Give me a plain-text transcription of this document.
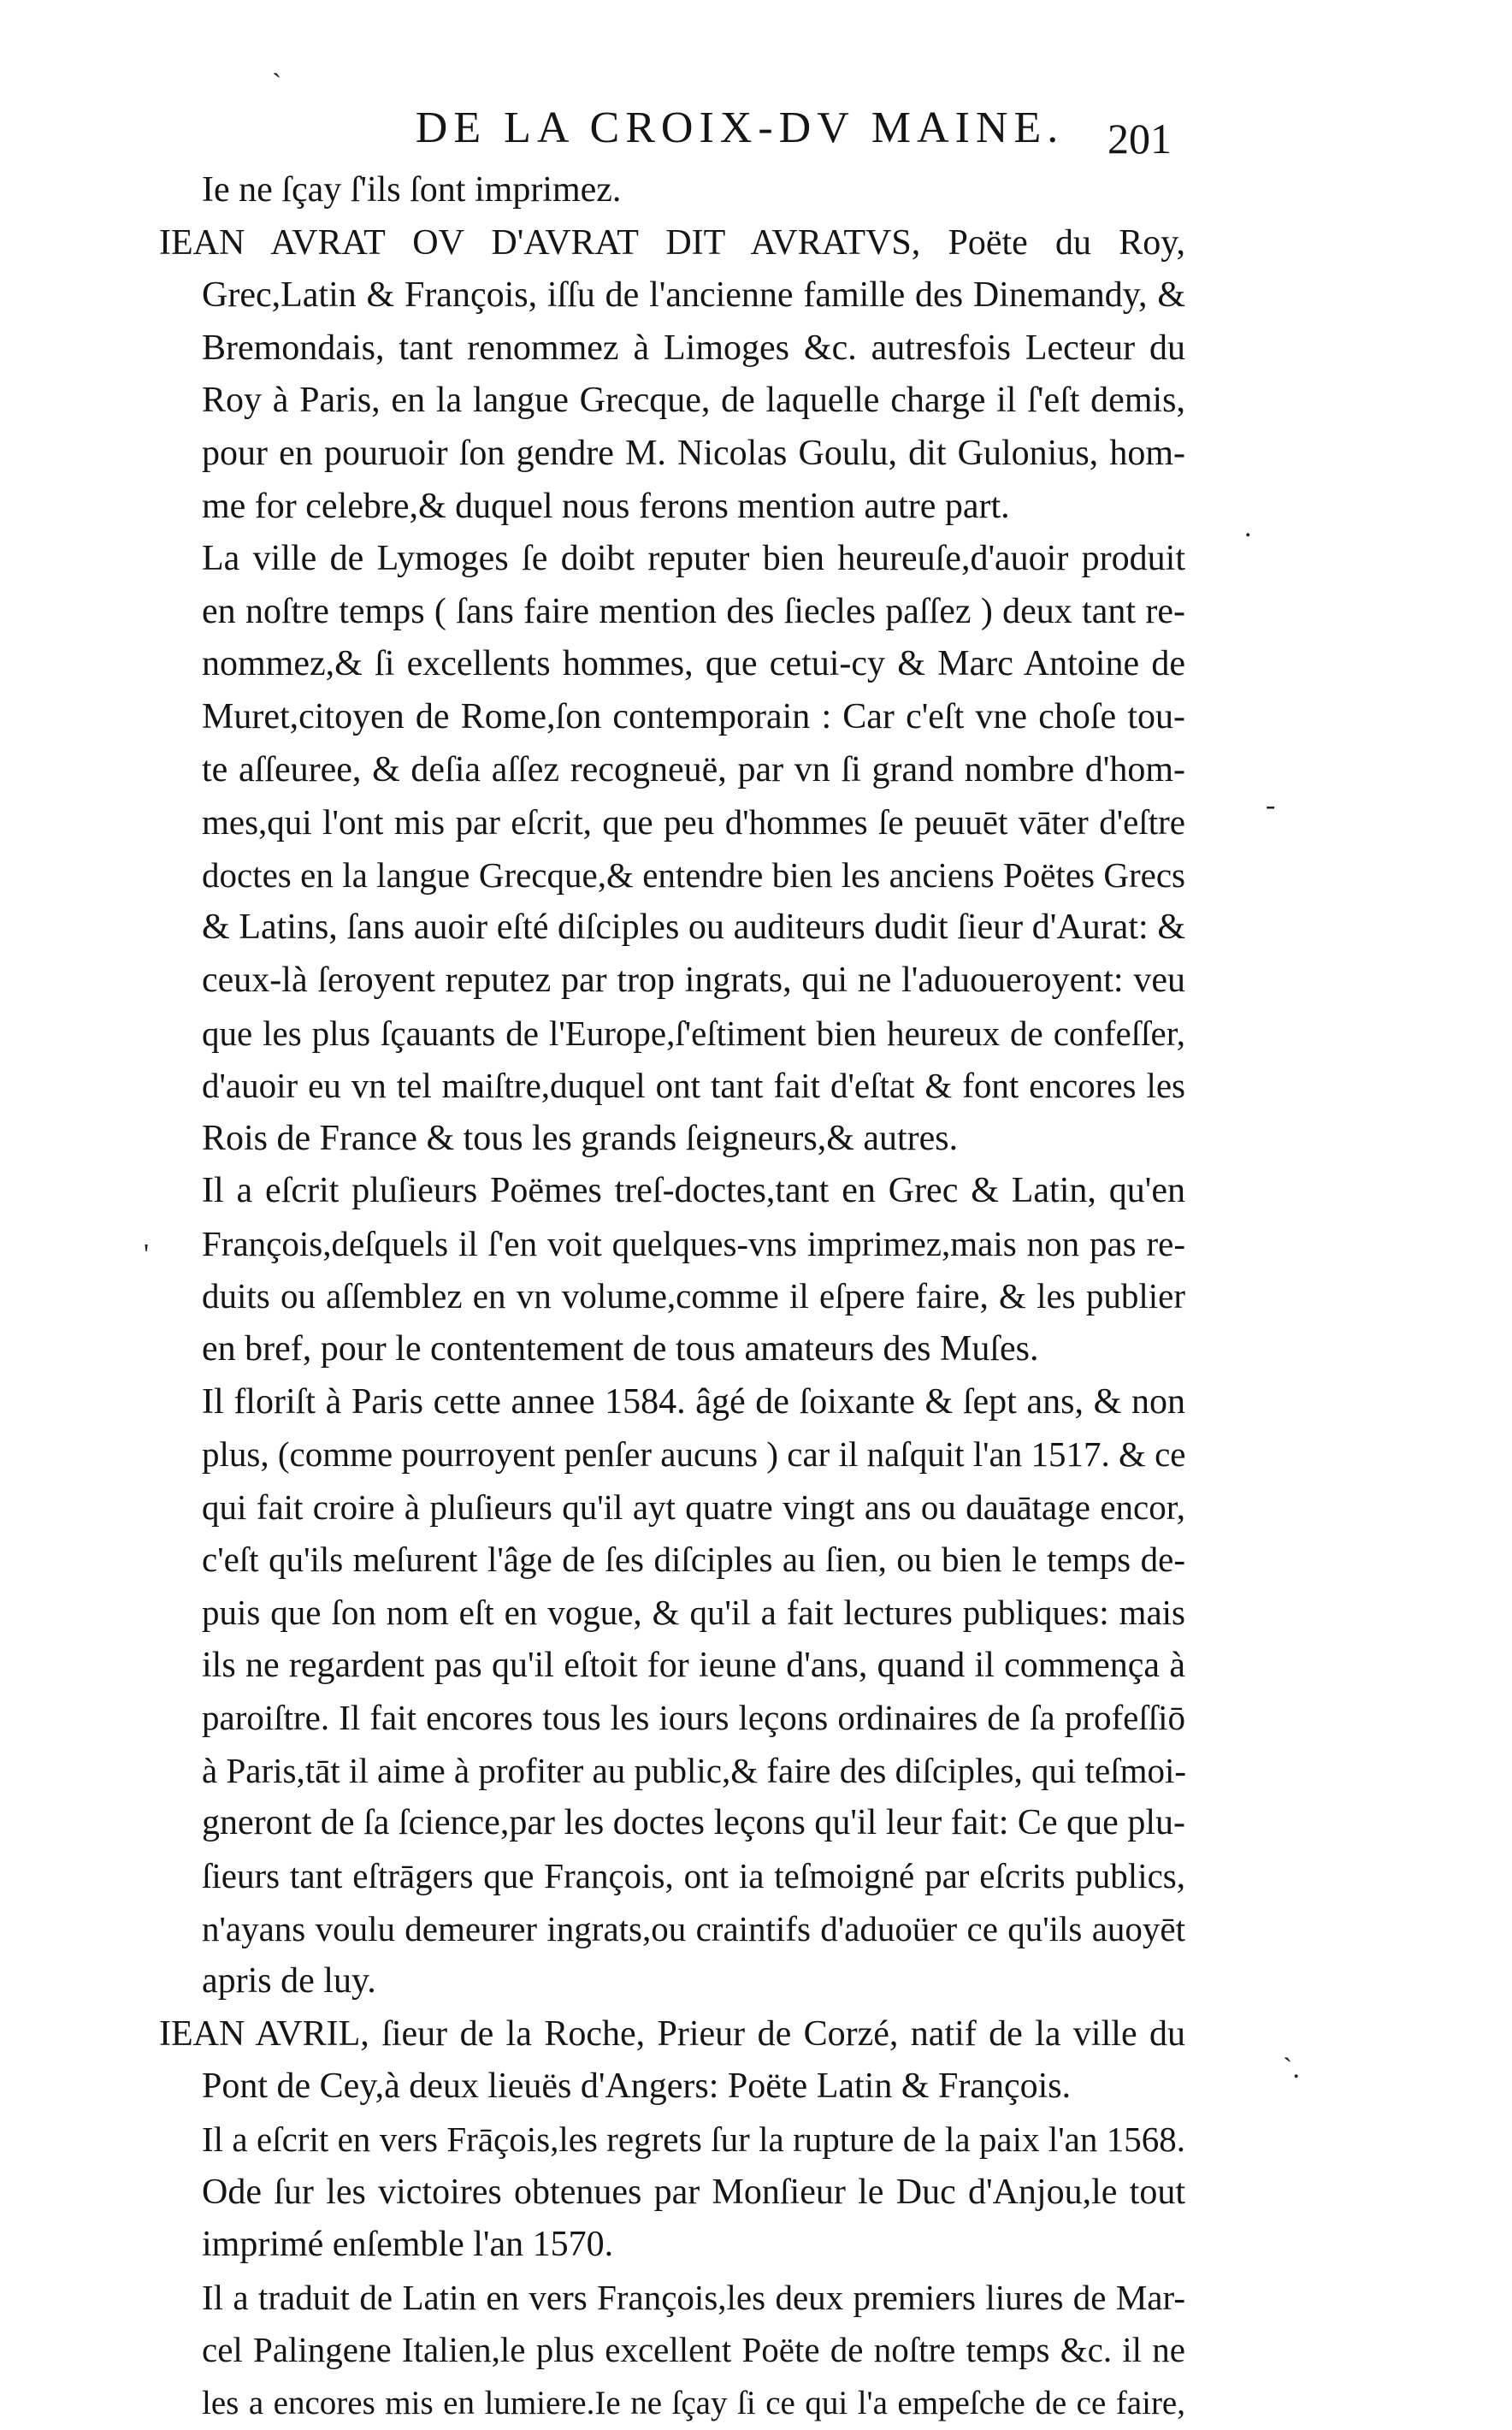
`
DE LA CROIX-DV MAINE.	201
.
-
'
`.
Ie ne ſçay ſ'ils ſont imprimez.
IEAN AVRAT OV D'AVRAT DIT AVRATVS, Poëte du Roy,
Grec,Latin & François, iſſu de l'ancienne famille des Dinemandy, &
Bremondais, tant renommez à Limoges &c. autresfois Lecteur du
Roy à Paris, en la langue Grecque, de laquelle charge il ſ'eſt demis,
pour en pouruoir ſon gendre M. Nicolas Goulu, dit Gulonius, hom-
me for celebre,& duquel nous ferons mention autre part.
La ville de Lymoges ſe doibt reputer bien heureuſe,d'auoir produit
en noſtre temps ( ſans faire mention des ſiecles paſſez ) deux tant re-
nommez,& ſi excellents hommes, que cetui-cy & Marc Antoine de
Muret,citoyen de Rome,ſon contemporain : Car c'eſt vne choſe tou-
te aſſeuree, & deſia aſſez recogneuë, par vn ſi grand nombre d'hom-
mes,qui l'ont mis par eſcrit, que peu d'hommes ſe peuuēt vāter d'eſtre
doctes en la langue Grecque,& entendre bien les anciens Poëtes Grecs
& Latins, ſans auoir eſté diſciples ou auditeurs dudit ſieur d'Aurat: &
ceux-là ſeroyent reputez par trop ingrats, qui ne l'aduoueroyent: veu
que les plus ſçauants de l'Europe,ſ'eſtiment bien heureux de confeſſer,
d'auoir eu vn tel maiſtre,duquel ont tant fait d'eſtat & font encores les
Rois de France & tous les grands ſeigneurs,& autres.
Il a eſcrit pluſieurs Poëmes treſ-doctes,tant en Grec & Latin, qu'en
François,deſquels il ſ'en voit quelques-vns imprimez,mais non pas re-
duits ou aſſemblez en vn volume,comme il eſpere faire, & les publier
en bref, pour le contentement de tous amateurs des Muſes.
Il floriſt à Paris cette annee 1584. âgé de ſoixante & ſept ans, & non
plus, (comme pourroyent penſer aucuns ) car il naſquit l'an 1517. & ce
qui fait croire à pluſieurs qu'il ayt quatre vingt ans ou dauātage encor,
c'eſt qu'ils meſurent l'âge de ſes diſciples au ſien, ou bien le temps de-
puis que ſon nom eſt en vogue, & qu'il a fait lectures publiques: mais
ils ne regardent pas qu'il eſtoit for ieune d'ans, quand il commença à
paroiſtre. Il fait encores tous les iours leçons ordinaires de ſa profeſſiō
à Paris,tāt il aime à profiter au public,& faire des diſciples, qui teſmoi-
gneront de ſa ſcience,par les doctes leçons qu'il leur fait: Ce que plu-
ſieurs tant eſtrāgers que François, ont ia teſmoigné par eſcrits publics,
n'ayans voulu demeurer ingrats,ou craintifs d'aduoüer ce qu'ils auoyēt
apris de luy.
IEAN AVRIL, ſieur de la Roche, Prieur de Corzé, natif de la ville du
Pont de Cey,à deux lieuës d'Angers: Poëte Latin & François.
Il a eſcrit en vers Frāçois,les regrets ſur la rupture de la paix l'an 1568.
Ode ſur les victoires obtenues par Monſieur le Duc d'Anjou,le tout
imprimé enſemble l'an 1570.
Il a traduit de Latin en vers François,les deux premiers liures de Mar-
cel Palingene Italien,le plus excellent Poëte de noſtre temps &c. il ne
les a encores mis en lumiere.Ie ne ſçay ſi ce qui l'a empeſche de ce faire,
